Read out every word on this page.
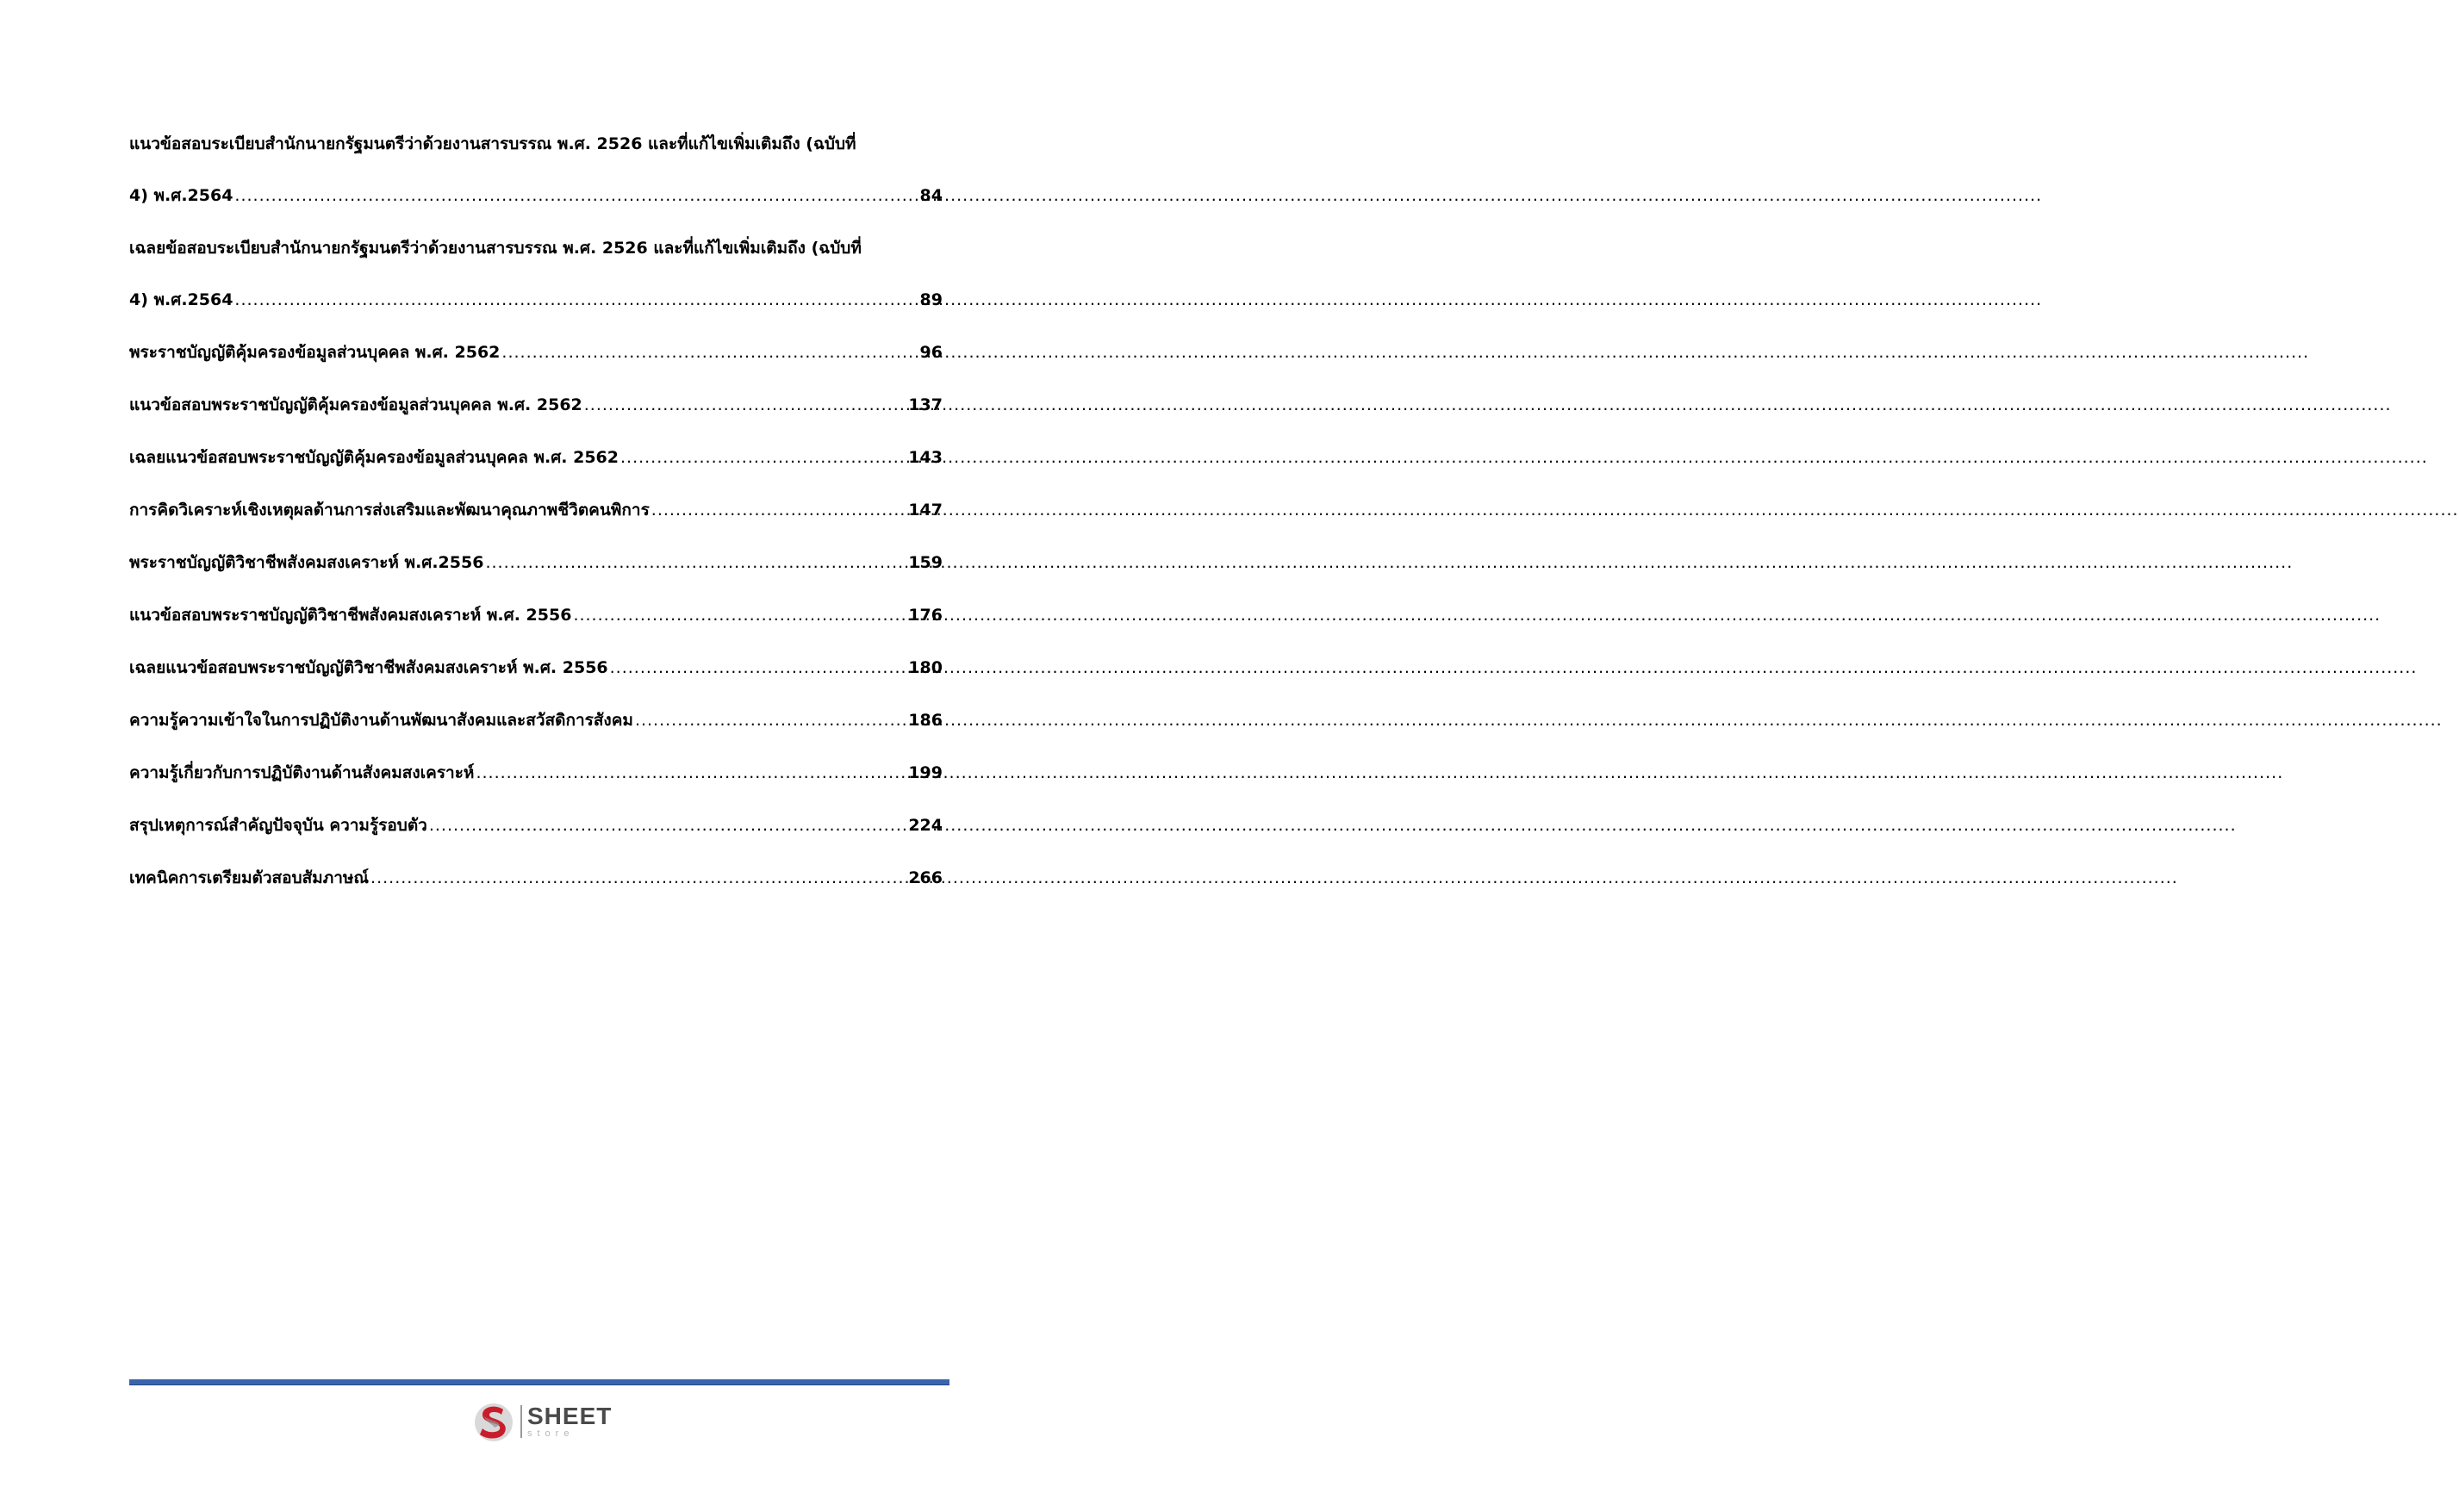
แนวข้อสอบระเบียบสำนักนายกรัฐมนตรีว่าด้วยงานสารบรรณ พ.ศ. 2526 และที่แก้ไขเพิ่มเติมถึง (ฉบับที่
4) พ.ศ.2564 .....	84
เฉลยข้อสอบระเบียบสำนักนายกรัฐมนตรีว่าด้วยงานสารบรรณ พ.ศ. 2526 และที่แก้ไขเพิ่มเติมถึง (ฉบับที่
4) พ.ศ.2564 .....	89
พระราชบัญญัติคุ้มครองข้อมูลส่วนบุคคล พ.ศ. 2562 .....	96
แนวข้อสอบพระราชบัญญัติคุ้มครองข้อมูลส่วนบุคคล พ.ศ. 2562 .....	137
เฉลยแนวข้อสอบพระราชบัญญัติคุ้มครองข้อมูลส่วนบุคคล พ.ศ. 2562 .....	143
การคิดวิเคราะห์เชิงเหตุผลด้านการส่งเสริมและพัฒนาคุณภาพชีวิตคนพิการ .....	147
พระราชบัญญัติวิชาชีพสังคมสงเคราะห์ พ.ศ.2556 .....	159
แนวข้อสอบพระราชบัญญัติวิชาชีพสังคมสงเคราะห์ พ.ศ. 2556 .....	176
เฉลยแนวข้อสอบพระราชบัญญัติวิชาชีพสังคมสงเคราะห์ พ.ศ. 2556 .....	180
ความรู้ความเข้าใจในการปฏิบัติงานด้านพัฒนาสังคมและสวัสดิการสังคม .....	186
ความรู้เกี่ยวกับการปฏิบัติงานด้านสังคมสงเคราะห์ .....	199
สรุปเหตุการณ์สำคัญปัจจุบัน ความรู้รอบตัว .....	224
เทคนิคการเตรียมตัวสอบสัมภาษณ์ .....	266
SHEET
store
